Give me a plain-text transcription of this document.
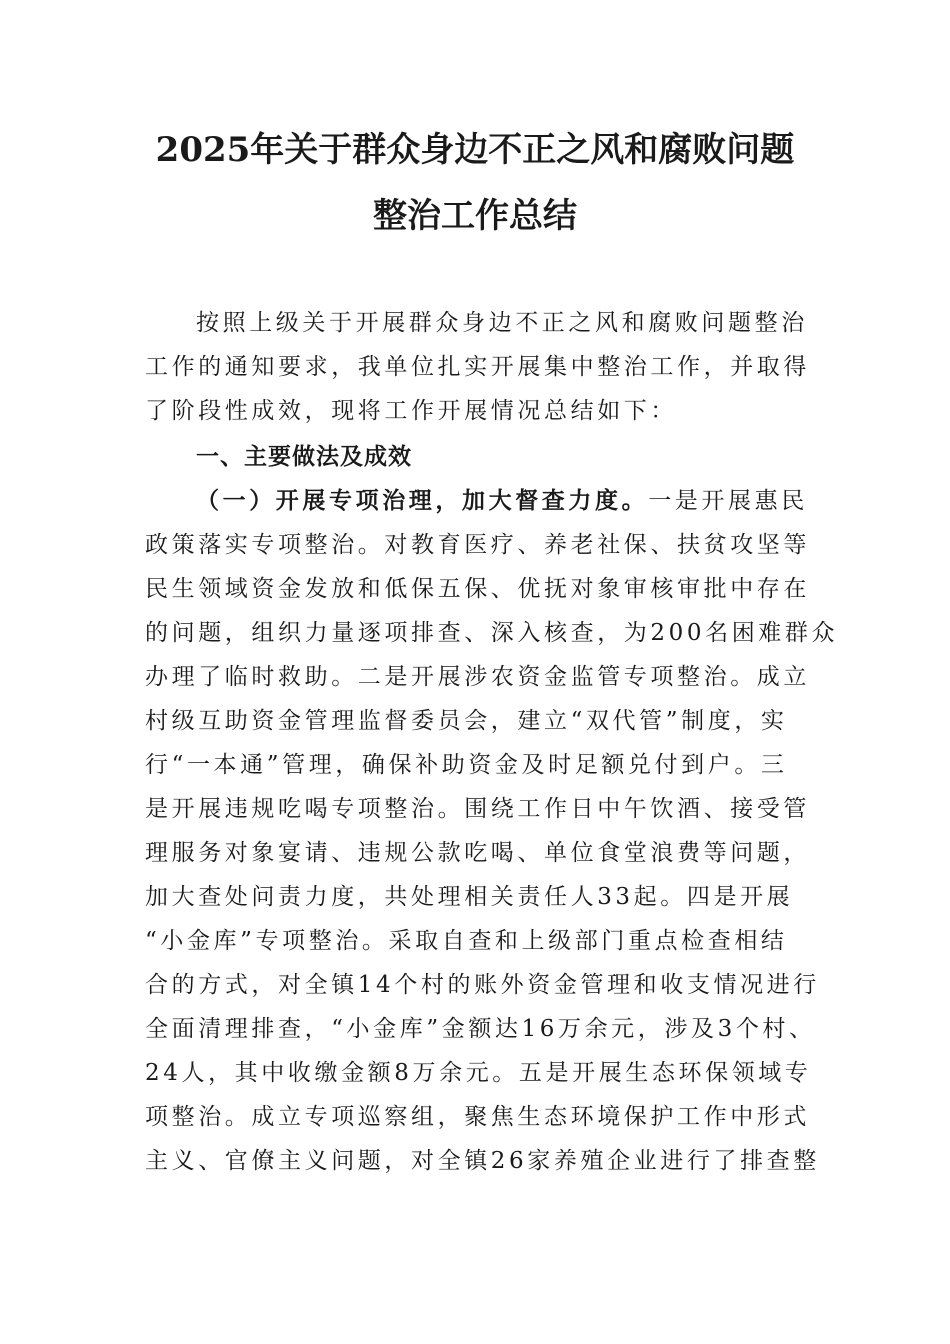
2025年关于群众身边不正之风和腐败问题
整治工作总结
按照上级关于开展群众身边不正之风和腐败问题整治
工作的通知要求，我单位扎实开展集中整治工作，并取得
了阶段性成效，现将工作开展情况总结如下：
一、主要做法及成效
（一）开展专项治理，加大督查力度。一是开展惠民
政策落实专项整治。对教育医疗、养老社保、扶贫攻坚等
民生领域资金发放和低保五保、优抚对象审核审批中存在
的问题，组织力量逐项排查、深入核查，为200名困难群众
办理了临时救助。二是开展涉农资金监管专项整治。成立
村级互助资金管理监督委员会，建立“双代管”制度，实
行“一本通”管理，确保补助资金及时足额兑付到户。三
是开展违规吃喝专项整治。围绕工作日中午饮酒、接受管
理服务对象宴请、违规公款吃喝、单位食堂浪费等问题，
加大查处问责力度，共处理相关责任人33起。四是开展
“小金库”专项整治。采取自查和上级部门重点检查相结
合的方式，对全镇14个村的账外资金管理和收支情况进行
全面清理排查，“小金库”金额达16万余元，涉及3个村、
24人，其中收缴金额8万余元。五是开展生态环保领域专
项整治。成立专项巡察组，聚焦生态环境保护工作中形式
主义、官僚主义问题，对全镇26家养殖企业进行了排查整
